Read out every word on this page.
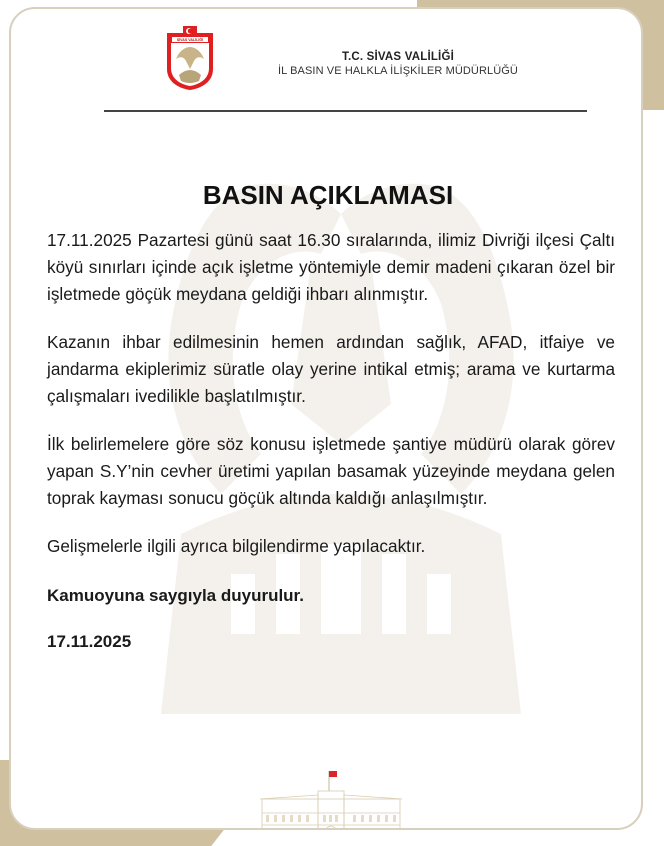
SİVAS VALİLİĞİ
T.C. SİVAS VALİLİĞİ
İL BASIN VE HALKLA İLİŞKİLER MÜDÜRLÜĞÜ
BASIN AÇIKLAMASI

17.11.2025 Pazartesi günü saat 16.30 sıralarında, ilimiz Divriği ilçesi Çaltı köyü sınırları içinde açık işletme yöntemiyle demir madeni çıkaran özel bir işletmede göçük meydana geldiği ihbarı alınmıştır.

Kazanın ihbar edilmesinin hemen ardından sağlık, AFAD, itfaiye ve jandarma ekiplerimiz süratle olay yerine intikal etmiş; arama ve kurtarma çalışmaları ivedilikle başlatılmıştır.

İlk belirlemelere göre söz konusu işletmede şantiye müdürü olarak görev yapan S.Y’nin cevher üretimi yapılan basamak yüzeyinde meydana gelen toprak kayması sonucu göçük altında kaldığı anlaşılmıştır.

Gelişmelerle ilgili ayrıca bilgilendirme yapılacaktır.

Kamuoyuna saygıyla duyurulur.

17.11.2025
